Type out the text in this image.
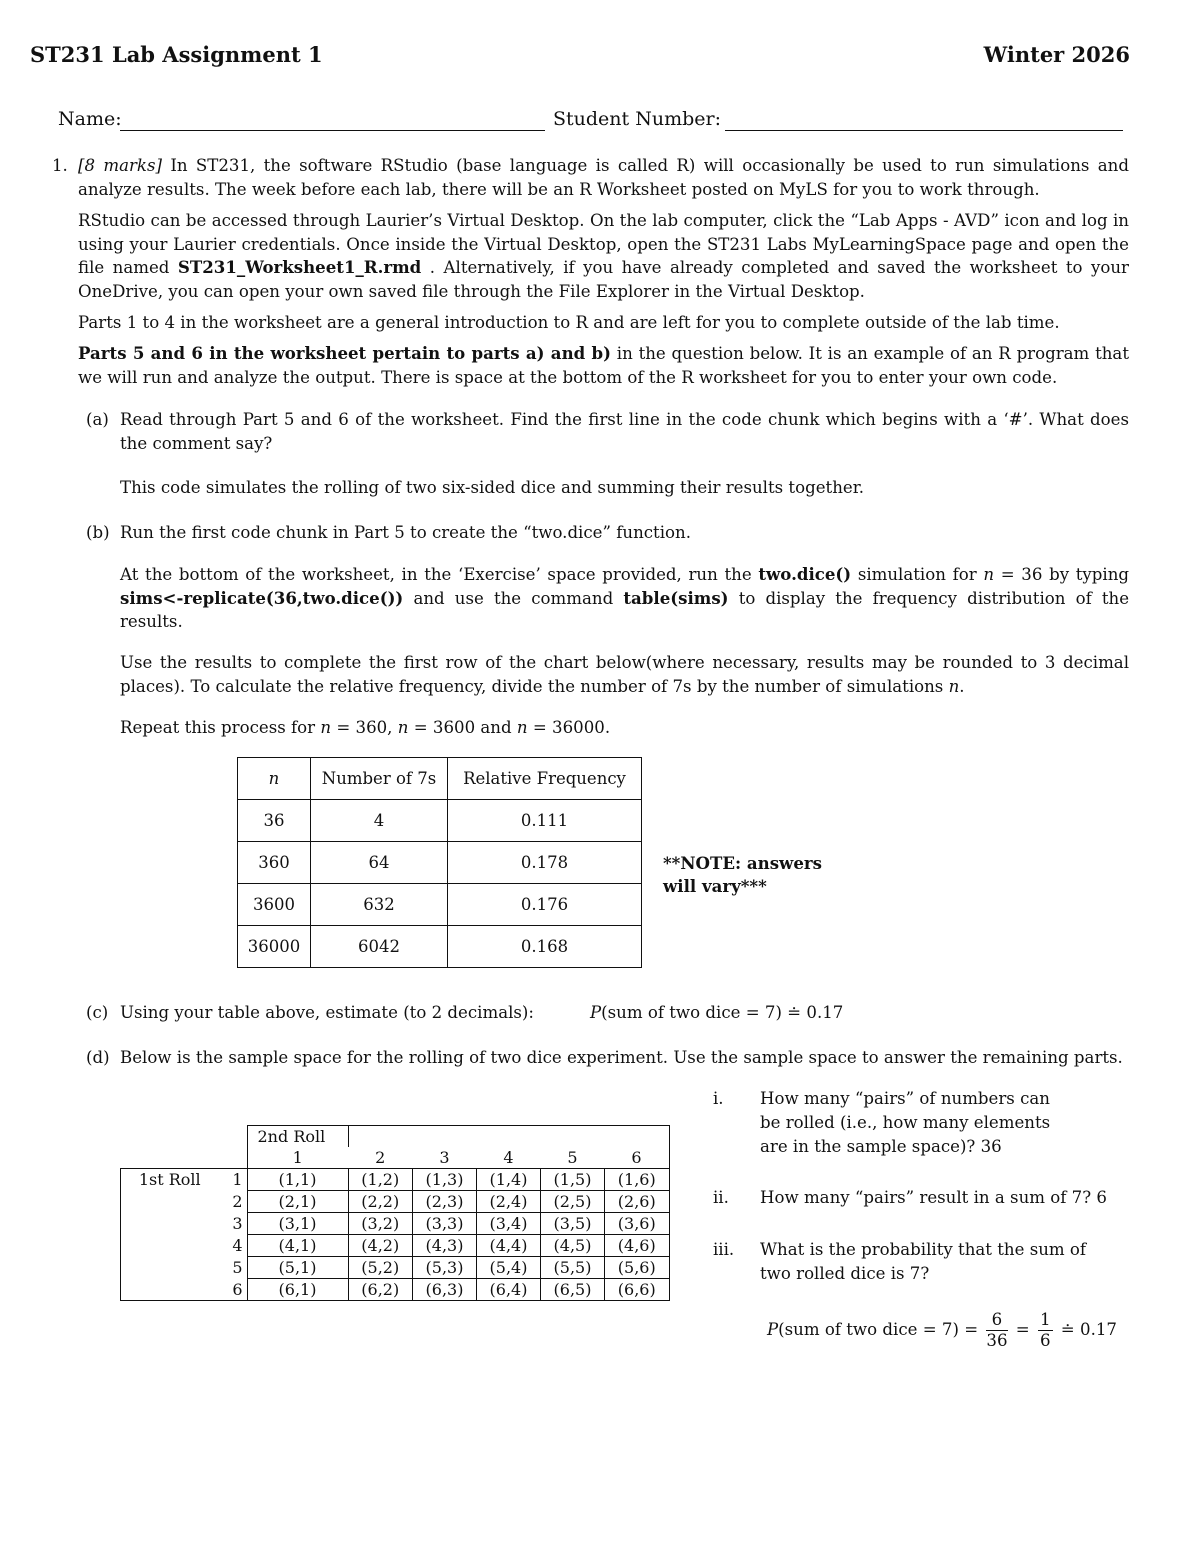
ST231 Lab Assignment 1	Winter 2026
Name:	Student Number:
1. [8 marks] In ST231, the software RStudio (base language is called R) will occasionally be used to run simulations and analyze results. The week before each lab, there will be an R Worksheet posted on MyLS for you to work through.

RStudio can be accessed through Laurier’s Virtual Desktop. On the lab computer, click the “Lab Apps - AVD” icon and log in using your Laurier credentials. Once inside the Virtual Desktop, open the ST231 Labs MyLearningSpace page and open the file named ST231_Worksheet1_R.rmd . Alternatively, if you have already completed and saved the worksheet to your OneDrive, you can open your own saved file through the File Explorer in the Virtual Desktop.

Parts 1 to 4 in the worksheet are a general introduction to R and are left for you to complete outside of the lab time.

Parts 5 and 6 in the worksheet pertain to parts a) and b) in the question below. It is an example of an R program that we will run and analyze the output. There is space at the bottom of the R worksheet for you to enter your own code.

(a) Read through Part 5 and 6 of the worksheet. Find the first line in the code chunk which begins with a ‘#’. What does the comment say?

This code simulates the rolling of two six-sided dice and summing their results together.

(b) Run the first code chunk in Part 5 to create the “two.dice” function.

At the bottom of the worksheet, in the ‘Exercise’ space provided, run the two.dice() simulation for n = 36 by typing sims<-replicate(36,two.dice()) and use the command table(sims) to display the frequency distribution of the results.

Use the results to complete the first row of the chart below(where necessary, results may be rounded to 3 decimal places). To calculate the relative frequency, divide the number of 7s by the number of simulations n.

Repeat this process for n = 360, n = 3600 and n = 36000.

n	Number of 7s	Relative Frequency
36	4	0.111
360	64	0.178
3600	632	0.176
36000	6042	0.168
**NOTE: answers
will vary***
(c) Using your table above, estimate (to 2 decimals):	P(sum of two dice = 7) ≐ 0.17

(d) Below is the sample space for the rolling of two dice experiment. Use the sample space to answer the remaining parts.

		2nd Roll					
		1	2	3	4	5	6
1st Roll	1	(1,1)	(1,2)	(1,3)	(1,4)	(1,5)	(1,6)
	2	(2,1)	(2,2)	(2,3)	(2,4)	(2,5)	(2,6)
	3	(3,1)	(3,2)	(3,3)	(3,4)	(3,5)	(3,6)
	4	(4,1)	(4,2)	(4,3)	(4,4)	(4,5)	(4,6)
	5	(5,1)	(5,2)	(5,3)	(5,4)	(5,5)	(5,6)
	6	(6,1)	(6,2)	(6,3)	(6,4)	(6,5)	(6,6)
i. How many “pairs” of numbers can
be rolled (i.e., how many elements
are in the sample space)? 36
ii. How many “pairs” result in a sum of 7? 6
iii. What is the probability that the sum of
two rolled dice is 7?
P(sum of two dice = $7) = \frac{6}{36} = \frac{1}{6}$ ≐ 0.17
